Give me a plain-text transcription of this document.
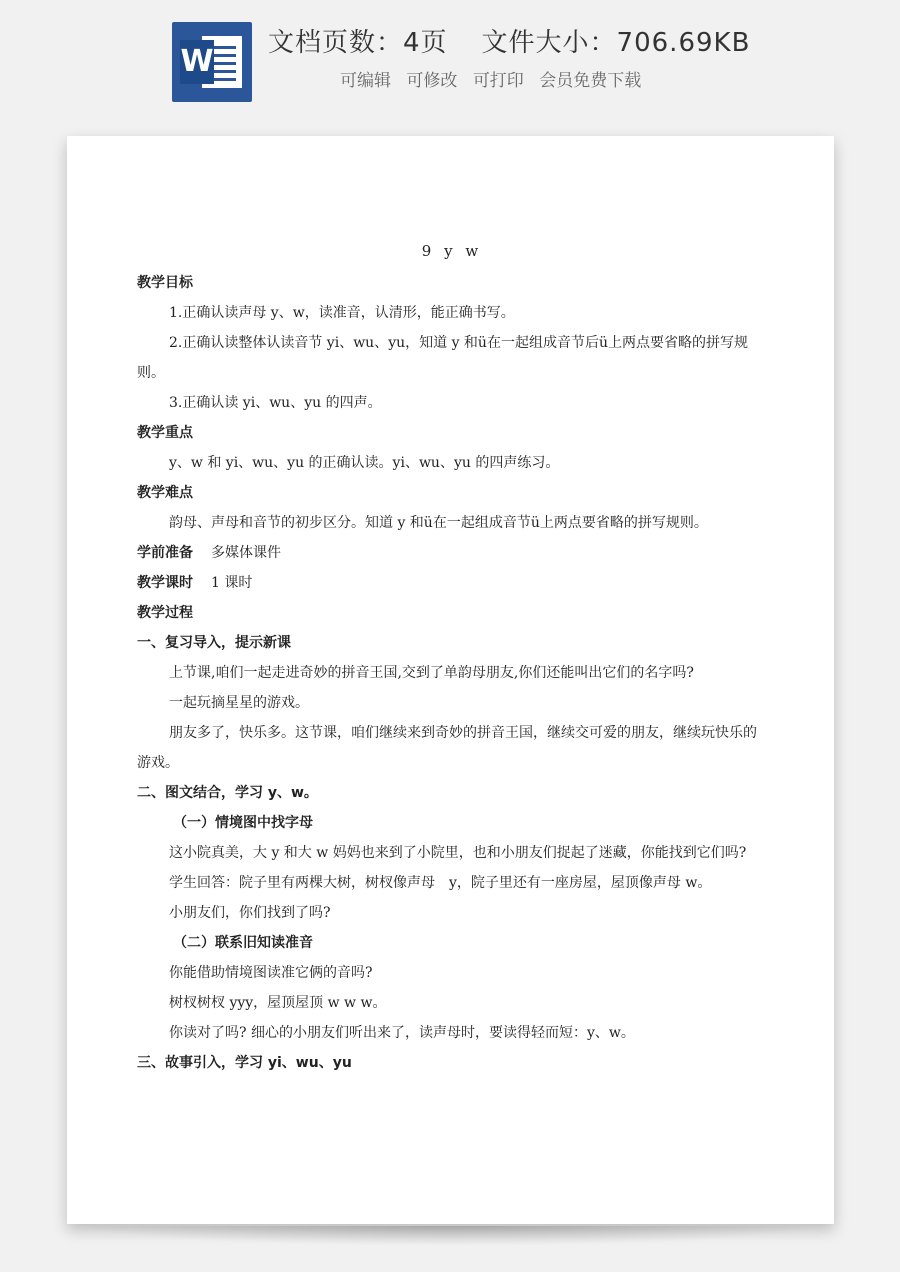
W
文档页数：4页 文件大小：706.69KB
可编辑 可修改 可打印 会员免费下载
9 y w
教学目标
1.正确认读声母 y、w，读准音，认清形，能正确书写。
2.正确认读整体认读音节 yi、wu、yu，知道 y 和ü在一起组成音节后ü上两点要省略的拼写规则。
3.正确认读 yi、wu、yu 的四声。
教学重点
y、w 和 yi、wu、yu 的正确认读。yi、wu、yu 的四声练习。
教学难点
韵母、声母和音节的初步区分。知道 y 和ü在一起组成音节ü上两点要省略的拼写规则。
学前准备 多媒体课件
教学课时 1 课时
教学过程
一、复习导入，提示新课
上节课,咱们一起走进奇妙的拼音王国,交到了单韵母朋友,你们还能叫出它们的名字吗?
一起玩摘星星的游戏。
朋友多了，快乐多。这节课，咱们继续来到奇妙的拼音王国，继续交可爱的朋友，继续玩快乐的游戏。
二、图文结合，学习 y、w。
（一）情境图中找字母
这小院真美，大 y 和大 w 妈妈也来到了小院里，也和小朋友们捉起了迷藏，你能找到它们吗?
学生回答：院子里有两棵大树，树杈像声母　y，院子里还有一座房屋，屋顶像声母 w。
小朋友们，你们找到了吗?
（二）联系旧知读准音
你能借助情境图读准它俩的音吗?
树杈树杈 yyy，屋顶屋顶 w w w。
你读对了吗? 细心的小朋友们听出来了，读声母时，要读得轻而短：y、w。
三、故事引入，学习 yi、wu、yu
